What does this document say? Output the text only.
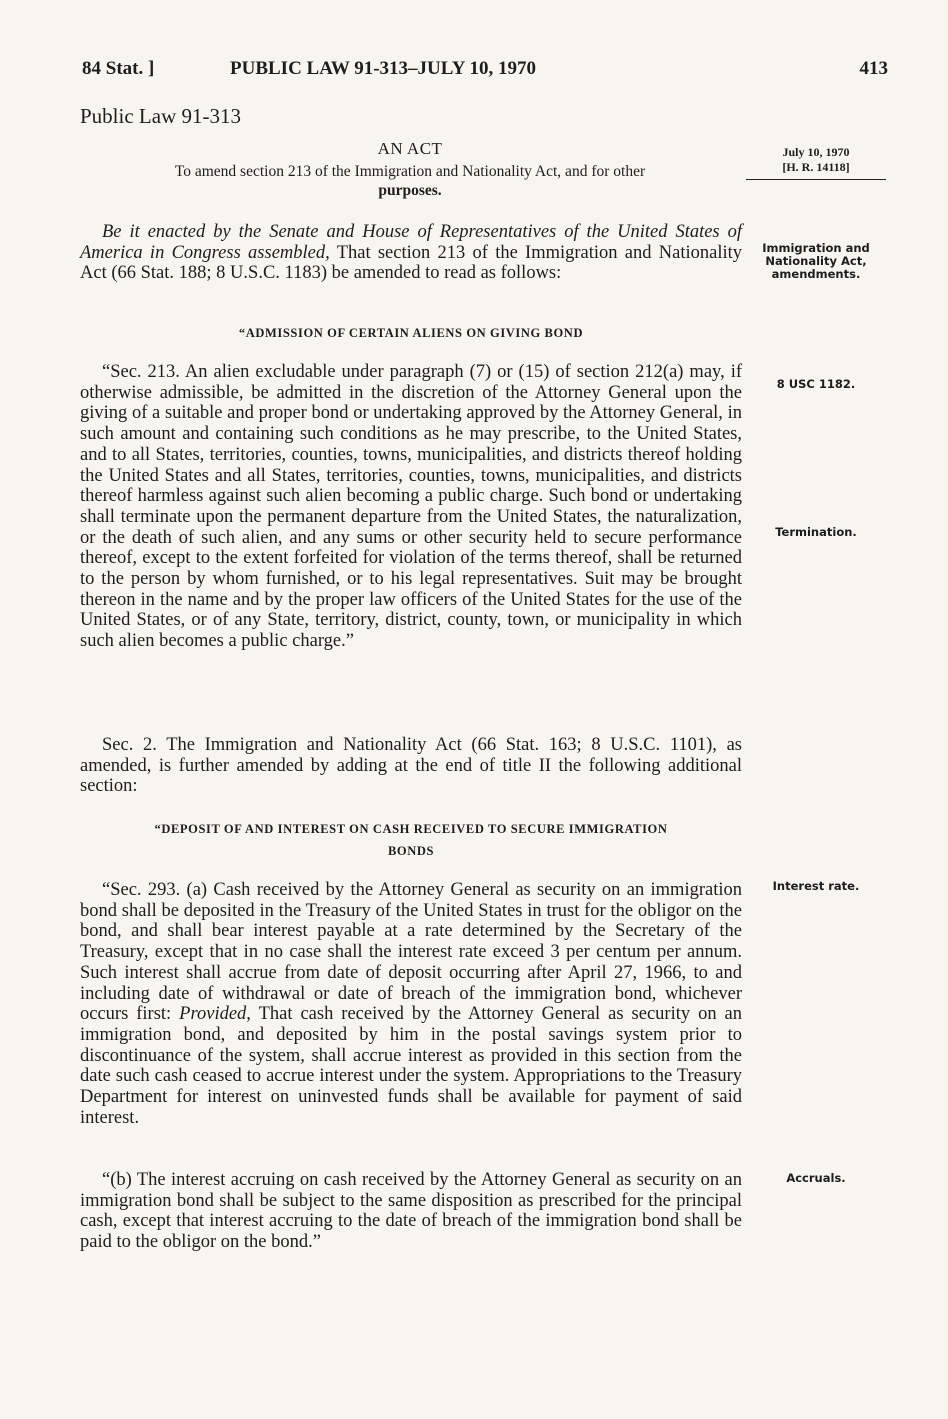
84 Stat. ]	PUBLIC LAW 91-313–JULY 10, 1970	413
Public Law 91-313
AN ACT
To amend section 213 of the Immigration and Nationality Act, and for other
purposes.
July 10, 1970
[H. R. 14118]
Immigration and Nationality Act, amendments.
8 USC 1182.
Termination.
Interest rate.
Accruals.
Be it enacted by the Senate and House of Representatives of the United States of America in Congress assembled, That section 213 of the Immigration and Nationality Act (66 Stat. 188; 8 U.S.C. 1183) be amended to read as follows:
“ADMISSION OF CERTAIN ALIENS ON GIVING BOND
“Sec. 213. An alien excludable under paragraph (7) or (15) of section 212(a) may, if otherwise admissible, be admitted in the discretion of the Attorney General upon the giving of a suitable and proper bond or undertaking approved by the Attorney General, in such amount and containing such conditions as he may prescribe, to the United States, and to all States, territories, counties, towns, municipalities, and districts thereof holding the United States and all States, territories, counties, towns, municipalities, and districts thereof harmless against such alien becoming a public charge. Such bond or undertaking shall terminate upon the permanent departure from the United States, the naturalization, or the death of such alien, and any sums or other security held to secure performance thereof, except to the extent forfeited for violation of the terms thereof, shall be returned to the person by whom furnished, or to his legal representatives. Suit may be brought thereon in the name and by the proper law officers of the United States for the use of the United States, or of any State, territory, district, county, town, or municipality in which such alien becomes a public charge.”
Sec. 2. The Immigration and Nationality Act (66 Stat. 163; 8 U.S.C. 1101), as amended, is further amended by adding at the end of title II the following additional section:
“DEPOSIT OF AND INTEREST ON CASH RECEIVED TO SECURE IMMIGRATION
BONDS
“Sec. 293. (a) Cash received by the Attorney General as security on an immigration bond shall be deposited in the Treasury of the United States in trust for the obligor on the bond, and shall bear interest payable at a rate determined by the Secretary of the Treasury, except that in no case shall the interest rate exceed 3 per centum per annum. Such interest shall accrue from date of deposit occurring after April 27, 1966, to and including date of withdrawal or date of breach of the immigration bond, whichever occurs first: Provided, That cash received by the Attorney General as security on an immigration bond, and deposited by him in the postal savings system prior to discontinuance of the system, shall accrue interest as provided in this section from the date such cash ceased to accrue interest under the system. Appropriations to the Treasury Department for interest on uninvested funds shall be available for payment of said interest.
“(b) The interest accruing on cash received by the Attorney General as security on an immigration bond shall be subject to the same disposition as prescribed for the principal cash, except that interest accruing to the date of breach of the immigration bond shall be paid to the obligor on the bond.”
